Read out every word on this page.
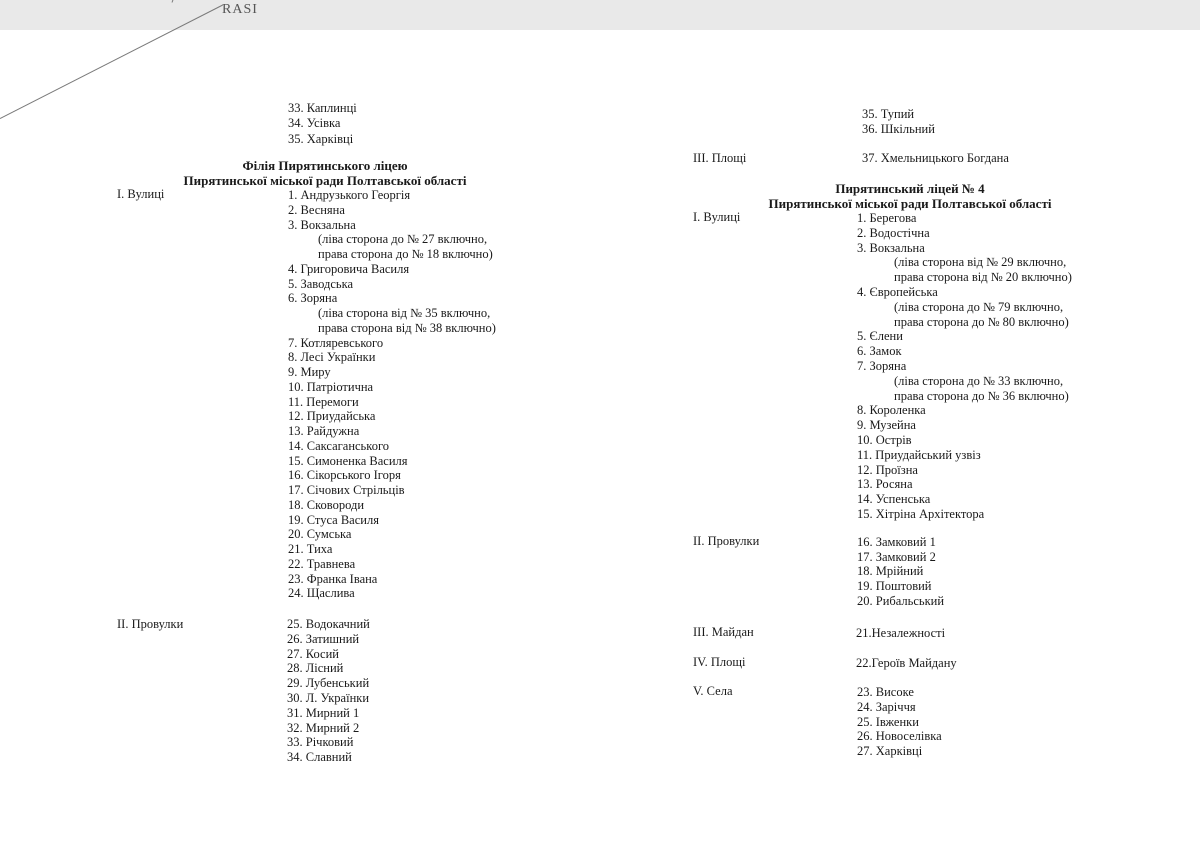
RASI
33. Каплинці
34. Усівка
35. Харківці
Філія Пирятинського ліцею
Пирятинської міської ради Полтавської області
I. Вулиці	1. Андрузького Георгія
2. Весняна
3. Вокзальна
(ліва сторона до № 27 включно,
права сторона до № 18 включно)
4. Григоровича Василя
5. Заводська
6. Зоряна
(ліва сторона від № 35 включно,
права сторона від № 38 включно)
7. Котляревського
8. Лесі Українки
9. Миру
10. Патріотична
11. Перемоги
12. Приудайська
13. Райдужна
14. Саксаганського
15. Симоненка Василя
16. Сікорського Ігоря
17. Січових Стрільців
18. Сковороди
19. Стуса Василя
20. Сумська
21. Тиха
22. Травнева
23. Франка Івана
24. Щаслива
II. Провулки	25. Водокачний
26. Затишний
27. Косий
28. Лісний
29. Лубенський
30. Л. Українки
31. Мирний 1
32. Мирний 2
33. Річковий
34. Славний
35. Тупий
36. Шкільний
III. Площі	37. Хмельницького Богдана
Пирятинський ліцей № 4
Пирятинської міської ради Полтавської області
I. Вулиці	1. Берегова
2. Водостічна
3. Вокзальна
(ліва сторона від № 29 включно,
права сторона від № 20 включно)
4. Європейська
(ліва сторона до № 79 включно,
права сторона до № 80 включно)
5. Єлени
6. Замок
7. Зоряна
(ліва сторона до № 33 включно,
права сторона до № 36 включно)
8. Короленка
9. Музейна
10. Острів
11. Приудайський узвіз
12. Проїзна
13. Росяна
14. Успенська
15. Хітріна Архітектора
II. Провулки	16. Замковий 1
17. Замковий 2
18. Мрійний
19. Поштовий
20. Рибальський
III. Майдан	21.Незалежності
IV. Площі	22.Героїв Майдану
V. Села	23. Високе
24. Заріччя
25. Івженки
26. Новоселівка
27. Харківці
